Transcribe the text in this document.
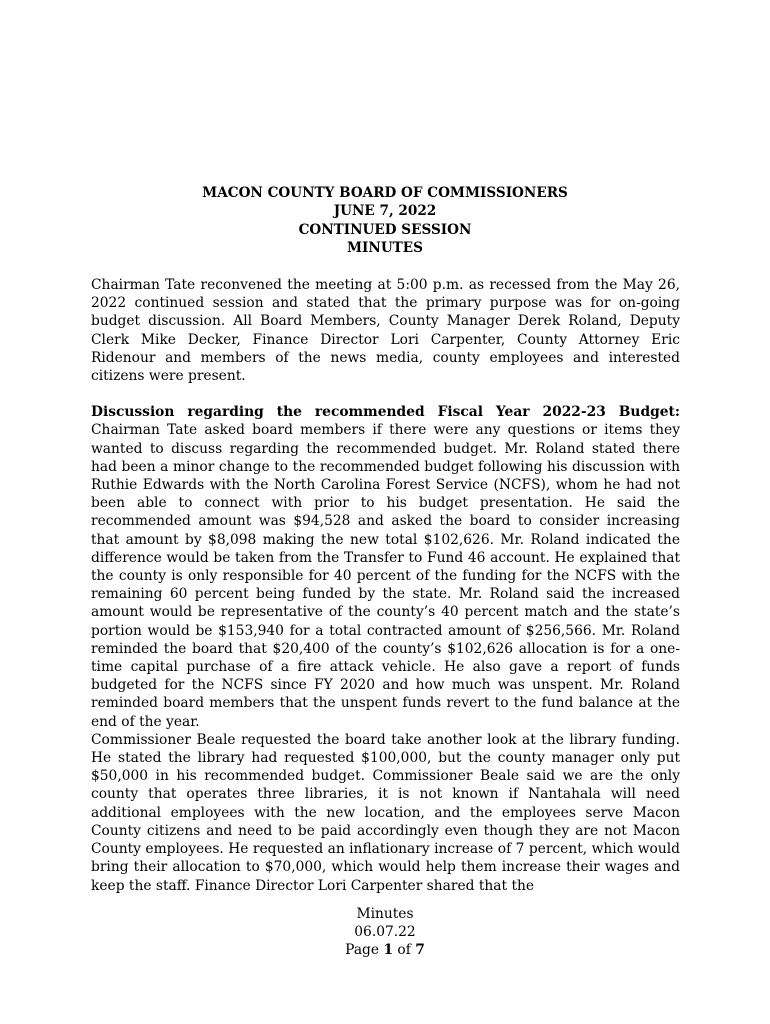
MACON COUNTY BOARD OF COMMISSIONERS
JUNE 7, 2022
CONTINUED SESSION
MINUTES

Chairman Tate reconvened the meeting at 5:00 p.m. as recessed from the May 26, 2022 continued session and stated that the primary purpose was for on-going budget discussion. All Board Members, County Manager Derek Roland, Deputy Clerk Mike Decker, Finance Director Lori Carpenter, County Attorney Eric Ridenour and members of the news media, county employees and interested citizens were present.

Discussion regarding the recommended Fiscal Year 2022-23 Budget: Chairman Tate asked board members if there were any questions or items they wanted to discuss regarding the recommended budget. Mr. Roland stated there had been a minor change to the recommended budget following his discussion with Ruthie Edwards with the North Carolina Forest Service (NCFS), whom he had not been able to connect with prior to his budget presentation. He said the recommended amount was $94,528 and asked the board to consider increasing that amount by $8,098 making the new total $102,626. Mr. Roland indicated the difference would be taken from the Transfer to Fund 46 account. He explained that the county is only responsible for 40 percent of the funding for the NCFS with the remaining 60 percent being funded by the state. Mr. Roland said the increased amount would be representative of the county’s 40 percent match and the state’s portion would be $153,940 for a total contracted amount of $256,566. Mr. Roland reminded the board that $20,400 of the county’s $102,626 allocation is for a one-time capital purchase of a fire attack vehicle. He also gave a report of funds budgeted for the NCFS since FY 2020 and how much was unspent. Mr. Roland reminded board members that the unspent funds revert to the fund balance at the end of the year.

Commissioner Beale requested the board take another look at the library funding. He stated the library had requested $100,000, but the county manager only put $50,000 in his recommended budget. Commissioner Beale said we are the only county that operates three libraries, it is not known if Nantahala will need additional employees with the new location, and the employees serve Macon County citizens and need to be paid accordingly even though they are not Macon County employees. He requested an inflationary increase of 7 percent, which would bring their allocation to $70,000, which would help them increase their wages and keep the staff. Finance Director Lori Carpenter shared that the

Minutes
06.07.22
Page 1 of 7
